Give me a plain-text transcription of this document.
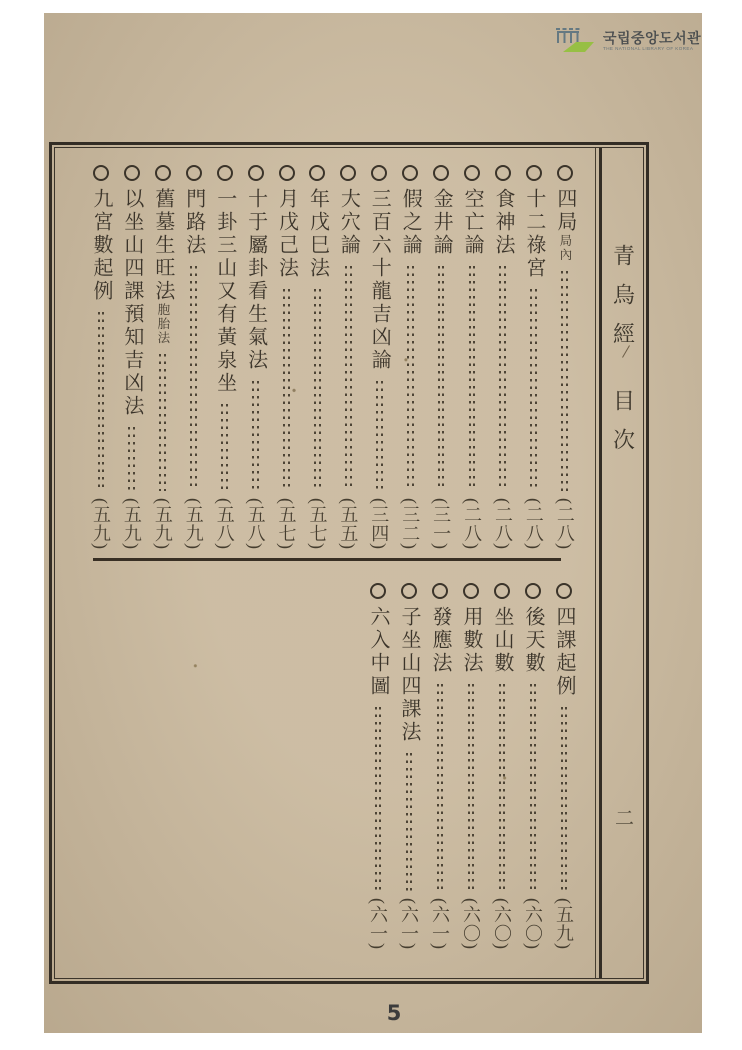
국립중앙도서관
THE NATIONAL LIBRARY OF KOREA
四局局內
(二八)
十二祿宮
(二八)
食神法
(二八)
空亡論
(二八)
金井論
(三一)
假之論
(三二)
三百六十龍吉凶論
(三四)
大穴論
(五五)
年戊巳法
(五七)
月戊己法
(五七)
十于屬卦看生氣法
(五八)
一卦三山又有黃泉坐
(五八)
門路法
(五九)
舊墓生旺法胞胎法
(五九)
以坐山四課預知吉凶法
(五九)
九宮數起例
(五九)
四課起例
(五九)
後天數
(六〇)
坐山數
(六〇)
用數法
(六〇)
發應法
(六一)
子坐山四課法
(六一)
六入中圖
(六一)
青烏經
目次
二
5
